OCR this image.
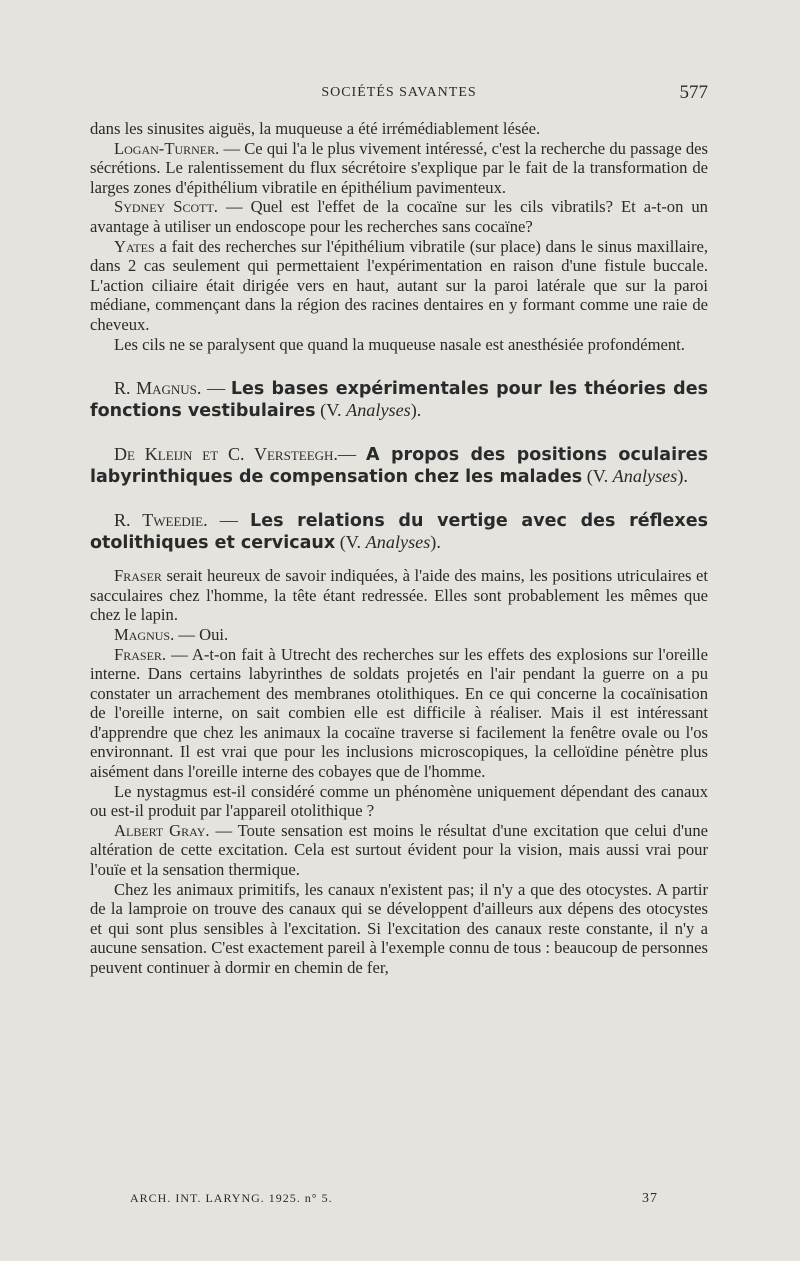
SOCIÉTÉS SAVANTES	577

dans les sinusites aiguës, la muqueuse a été irrémédiablement lésée.

Logan-Turner. — Ce qui l'a le plus vivement intéressé, c'est la recherche du passage des sécrétions. Le ralentissement du flux sécrétoire s'explique par le fait de la transformation de larges zones d'épithélium vibratile en épithélium pavimenteux.

Sydney Scott. — Quel est l'effet de la cocaïne sur les cils vibratils? Et a-t-on un avantage à utiliser un endoscope pour les recherches sans cocaïne?

Yates a fait des recherches sur l'épithélium vibratile (sur place) dans le sinus maxillaire, dans 2 cas seulement qui permettaient l'expérimentation en raison d'une fistule buccale. L'action ciliaire était dirigée vers en haut, autant sur la paroi latérale que sur la paroi médiane, commençant dans la région des racines dentaires en y formant comme une raie de cheveux.

Les cils ne se paralysent que quand la muqueuse nasale est anesthésiée profondément.

R. Magnus. — Les bases expérimentales pour les théories des fonctions vestibulaires (V. Analyses).

De Kleijn et C. Versteegh.— A propos des positions oculaires labyrinthiques de compensation chez les malades (V. Analyses).

R. Tweedie. — Les relations du vertige avec des réflexes otolithiques et cervicaux (V. Analyses).

Fraser serait heureux de savoir indiquées, à l'aide des mains, les positions utriculaires et sacculaires chez l'homme, la tête étant redressée. Elles sont probablement les mêmes que chez le lapin.

Magnus. — Oui.

Fraser. — A-t-on fait à Utrecht des recherches sur les effets des explosions sur l'oreille interne. Dans certains labyrinthes de soldats projetés en l'air pendant la guerre on a pu constater un arrachement des membranes otolithiques. En ce qui concerne la cocaïnisation de l'oreille interne, on sait combien elle est difficile à réaliser. Mais il est intéressant d'apprendre que chez les animaux la cocaïne traverse si facilement la fenêtre ovale ou l'os environnant. Il est vrai que pour les inclusions microscopiques, la celloïdine pénètre plus aisément dans l'oreille interne des cobayes que de l'homme.

Le nystagmus est-il considéré comme un phénomène uniquement dépendant des canaux ou est-il produit par l'appareil otolithique ?

Albert Gray. — Toute sensation est moins le résultat d'une excitation que celui d'une altération de cette excitation. Cela est surtout évident pour la vision, mais aussi vrai pour l'ouïe et la sensation thermique.

Chez les animaux primitifs, les canaux n'existent pas; il n'y a que des otocystes. A partir de la lamproie on trouve des canaux qui se développent d'ailleurs aux dépens des otocystes et qui sont plus sensibles à l'excitation. Si l'excitation des canaux reste constante, il n'y a aucune sensation. C'est exactement pareil à l'exemple connu de tous : beaucoup de personnes peuvent continuer à dormir en chemin de fer,

ARCH. INT. LARYNG. 1925. n° 5.	37
